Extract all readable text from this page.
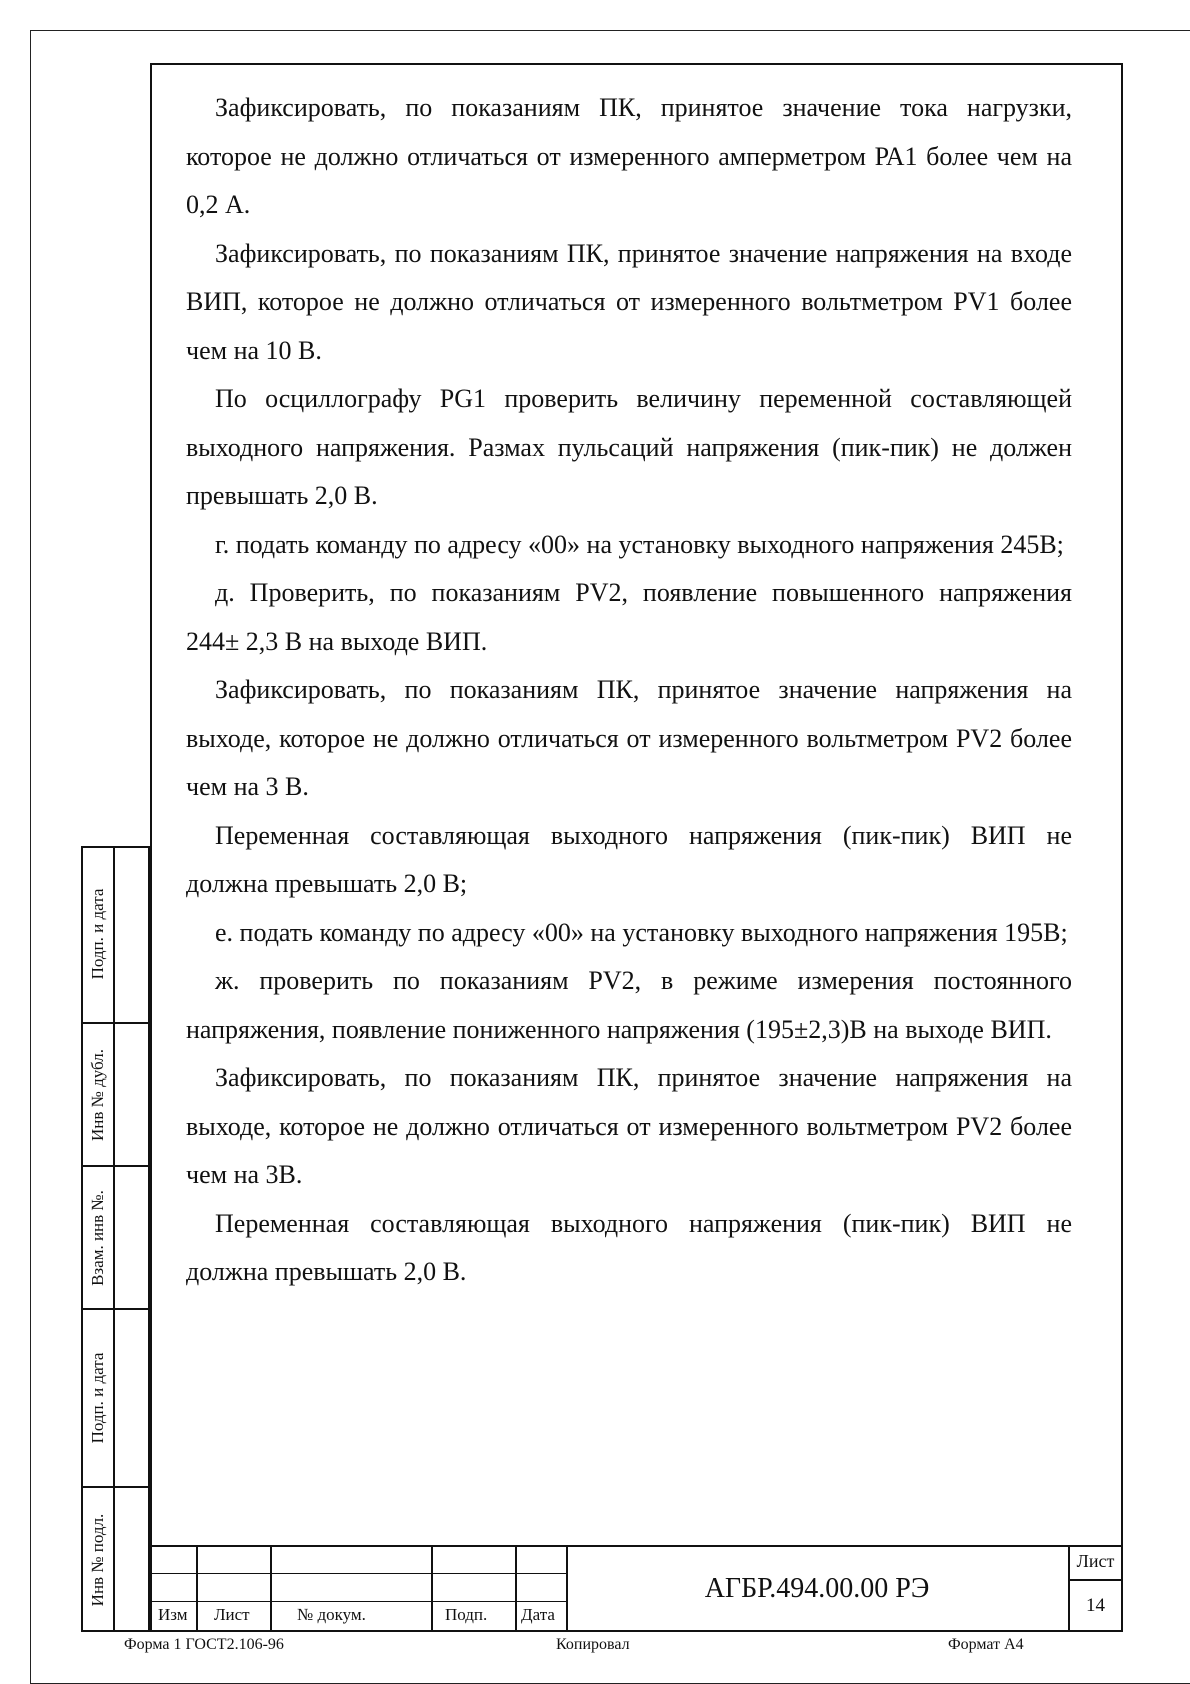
Зафиксировать, по показаниям ПК, принятое значение тока нагрузки, которое не должно отличаться от измеренного амперметром РА1 более чем на 0,2 А.

Зафиксировать, по показаниям ПК, принятое значение напряжения на входе ВИП, которое не должно отличаться от измеренного вольтметром PV1 более чем на 10 В.

По осциллографу PG1 проверить величину переменной составляющей выходного напряжения. Размах пульсаций напряжения (пик-пик) не должен превышать 2,0 В.

г. подать команду по адресу «00» на установку выходного напряжения 245В;

д. Проверить, по показаниям PV2, появление повышенного напряжения 244± 2,3 В на выходе ВИП.

Зафиксировать, по показаниям ПК, принятое значение напряжения на выходе, которое не должно отличаться от измеренного вольтметром PV2 более чем на 3 В.

Переменная составляющая выходного напряжения (пик-пик) ВИП не должна превышать 2,0 В;

е. подать команду по адресу «00» на установку выходного напряжения 195В;

ж. проверить по показаниям PV2, в режиме измерения постоянного напряжения, появление пониженного напряжения (195±2,3)В на выходе ВИП.

Зафиксировать, по показаниям ПК, принятое значение напряжения на выходе, которое не должно отличаться от измеренного вольтметром PV2 более чем на 3В.

Переменная составляющая выходного напряжения (пик-пик) ВИП не должна превышать 2,0 В.

Подп. и дата
Инв № дубл.
Взам. инв №.
Подп. и дата
Инв № подл.
Изм Лист	№ докум.	Подп. Дата
АГБР.494.00.00 РЭ
Лист
14
Форма 1 ГОСТ2.106-96	Копировал	Формат А4
